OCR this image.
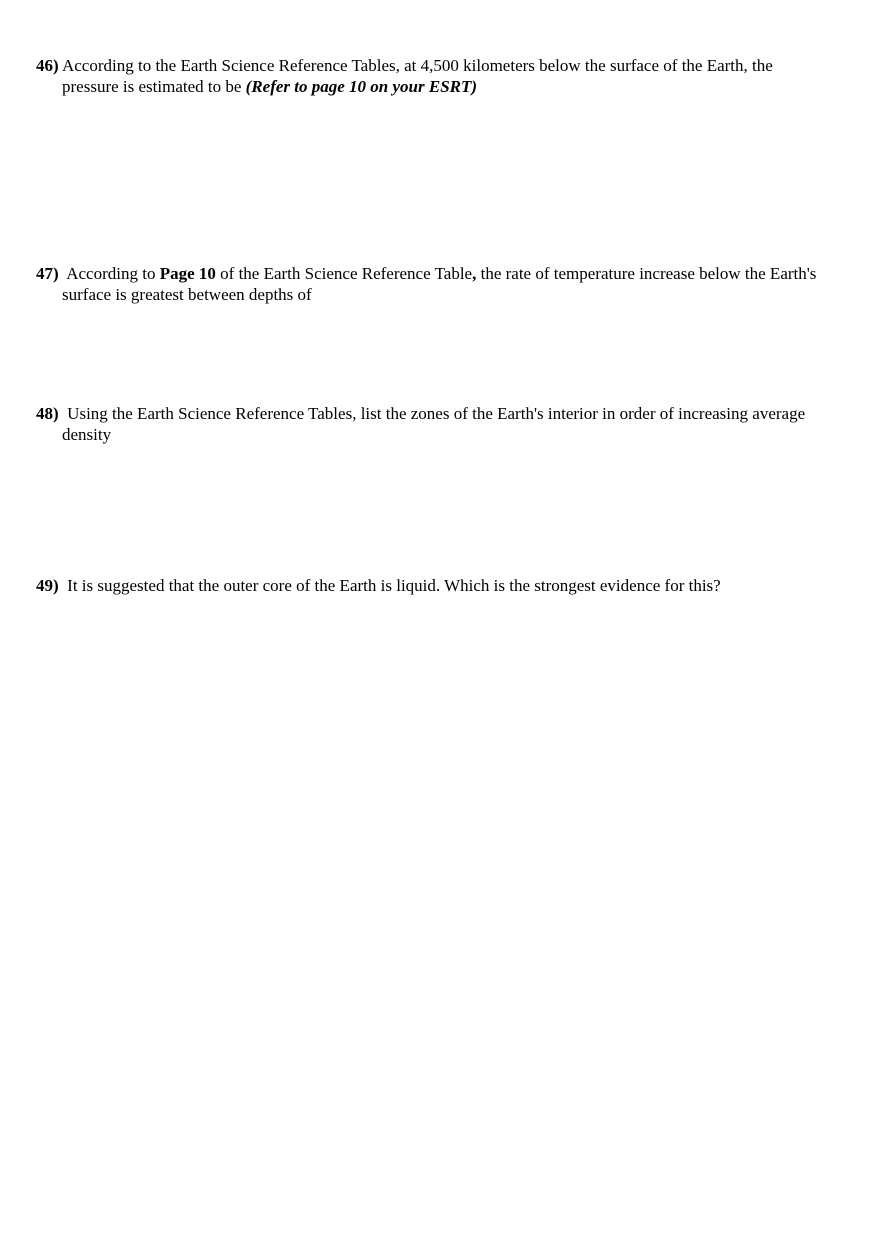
46) According to the Earth Science Reference Tables, at 4,500 kilometers below the surface of the Earth, the
pressure is estimated to be (Refer to page 10 on your ESRT)
47) According to Page 10 of the Earth Science Reference Table, the rate of temperature increase below the Earth's
surface is greatest between depths of
48) Using the Earth Science Reference Tables, list the zones of the Earth's interior in order of increasing average
density
49) It is suggested that the outer core of the Earth is liquid. Which is the strongest evidence for this?
